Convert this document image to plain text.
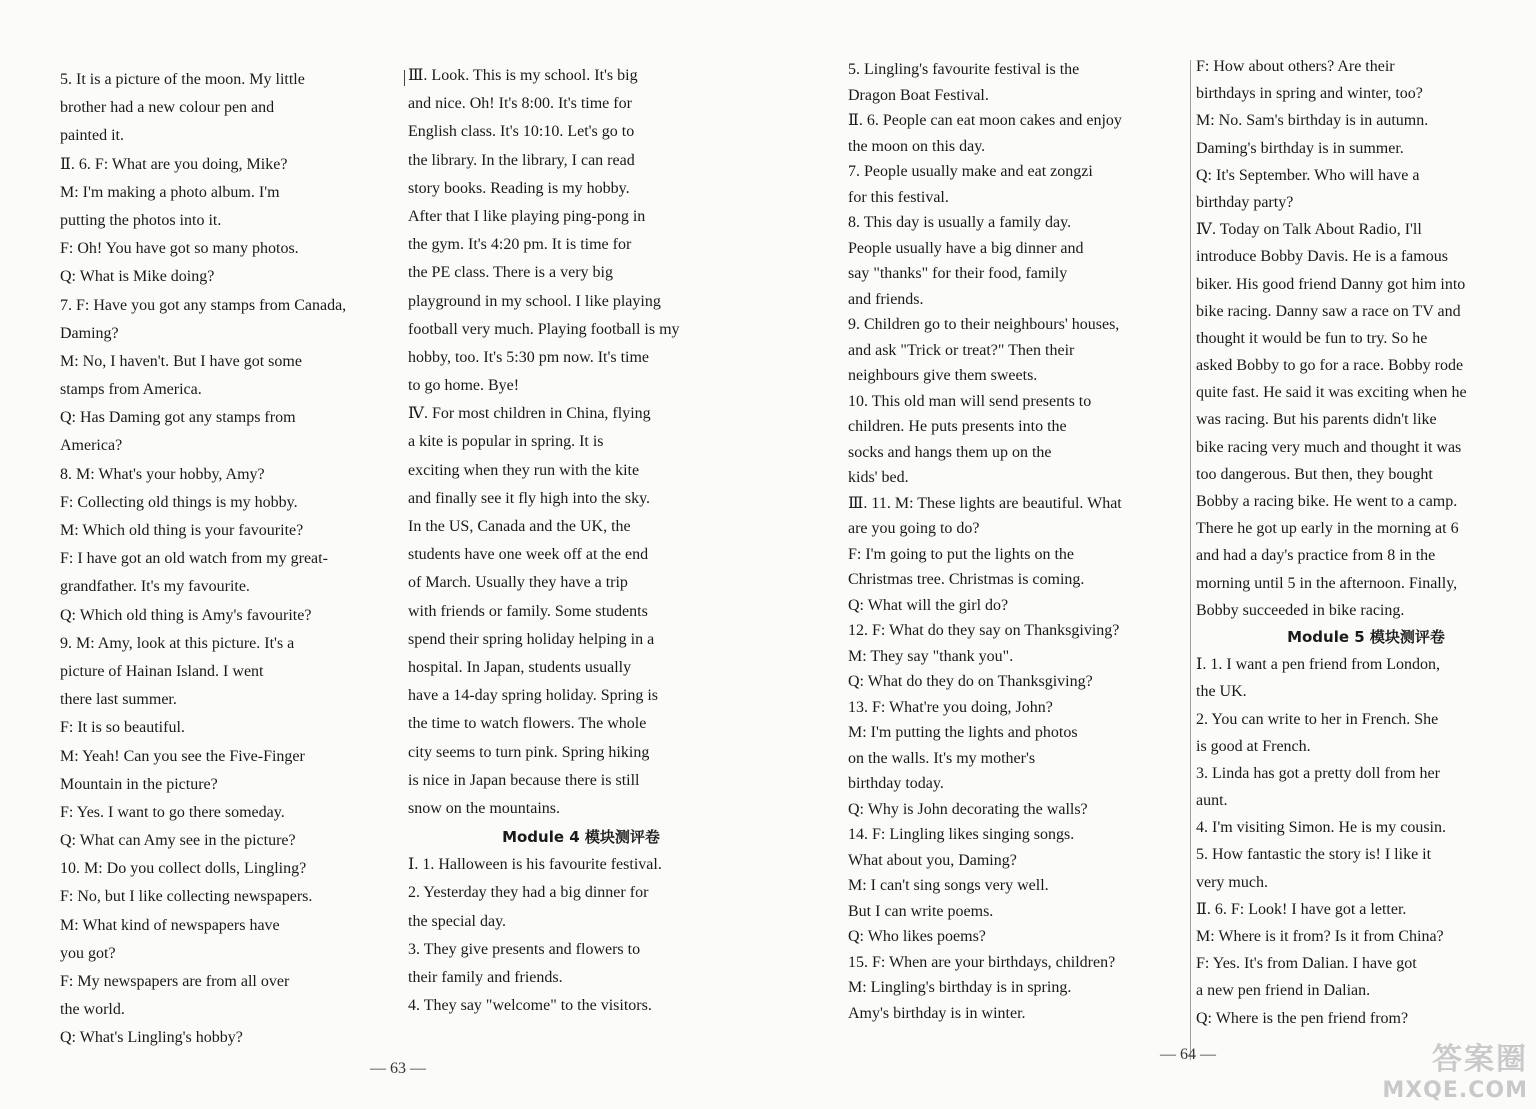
5. It is a picture of the moon. My little
brother had a new colour pen and
painted it.
Ⅱ. 6. F: What are you doing, Mike?
M: I'm making a photo album. I'm
putting the photos into it.
F: Oh! You have got so many photos.
Q: What is Mike doing?
7. F: Have you got any stamps from Canada,
Daming?
M: No, I haven't. But I have got some
stamps from America.
Q: Has Daming got any stamps from
America?
8. M: What's your hobby, Amy?
F: Collecting old things is my hobby.
M: Which old thing is your favourite?
F: I have got an old watch from my great-
grandfather. It's my favourite.
Q: Which old thing is Amy's favourite?
9. M: Amy, look at this picture. It's a
picture of Hainan Island. I went
there last summer.
F: It is so beautiful.
M: Yeah! Can you see the Five-Finger
Mountain in the picture?
F: Yes. I want to go there someday.
Q: What can Amy see in the picture?
10. M: Do you collect dolls, Lingling?
F: No, but I like collecting newspapers.
M: What kind of newspapers have
you got?
F: My newspapers are from all over
the world.
Q: What's Lingling's hobby?
Ⅲ. Look. This is my school. It's big
and nice. Oh! It's 8:00. It's time for
English class. It's 10:10. Let's go to
the library. In the library, I can read
story books. Reading is my hobby.
After that I like playing ping-pong in
the gym. It's 4:20 pm. It is time for
the PE class. There is a very big
playground in my school. I like playing
football very much. Playing football is my
hobby, too. It's 5:30 pm now. It's time
to go home. Bye!
Ⅳ. For most children in China, flying
a kite is popular in spring. It is
exciting when they run with the kite
and finally see it fly high into the sky.
In the US, Canada and the UK, the
students have one week off at the end
of March. Usually they have a trip
with friends or family. Some students
spend their spring holiday helping in a
hospital. In Japan, students usually
have a 14-day spring holiday. Spring is
the time to watch flowers. The whole
city seems to turn pink. Spring hiking
is nice in Japan because there is still
snow on the mountains.
Module 4 模块测评卷
Ⅰ. 1. Halloween is his favourite festival.
2. Yesterday they had a big dinner for
the special day.
3. They give presents and flowers to
their family and friends.
4. They say "welcome" to the visitors.
— 63 —
5. Lingling's favourite festival is the
Dragon Boat Festival.
Ⅱ. 6. People can eat moon cakes and enjoy
the moon on this day.
7. People usually make and eat zongzi
for this festival.
8. This day is usually a family day.
People usually have a big dinner and
say "thanks" for their food, family
and friends.
9. Children go to their neighbours' houses,
and ask "Trick or treat?" Then their
neighbours give them sweets.
10. This old man will send presents to
children. He puts presents into the
socks and hangs them up on the
kids' bed.
Ⅲ. 11. M: These lights are beautiful. What
are you going to do?
F: I'm going to put the lights on the
Christmas tree. Christmas is coming.
Q: What will the girl do?
12. F: What do they say on Thanksgiving?
M: They say "thank you".
Q: What do they do on Thanksgiving?
13. F: What're you doing, John?
M: I'm putting the lights and photos
on the walls. It's my mother's
birthday today.
Q: Why is John decorating the walls?
14. F: Lingling likes singing songs.
What about you, Daming?
M: I can't sing songs very well.
But I can write poems.
Q: Who likes poems?
15. F: When are your birthdays, children?
M: Lingling's birthday is in spring.
Amy's birthday is in winter.
F: How about others? Are their
birthdays in spring and winter, too?
M: No. Sam's birthday is in autumn.
Daming's birthday is in summer.
Q: It's September. Who will have a
birthday party?
Ⅳ. Today on Talk About Radio, I'll
introduce Bobby Davis. He is a famous
biker. His good friend Danny got him into
bike racing. Danny saw a race on TV and
thought it would be fun to try. So he
asked Bobby to go for a race. Bobby rode
quite fast. He said it was exciting when he
was racing. But his parents didn't like
bike racing very much and thought it was
too dangerous. But then, they bought
Bobby a racing bike. He went to a camp.
There he got up early in the morning at 6
and had a day's practice from 8 in the
morning until 5 in the afternoon. Finally,
Bobby succeeded in bike racing.
Module 5 模块测评卷
Ⅰ. 1. I want a pen friend from London,
the UK.
2. You can write to her in French. She
is good at French.
3. Linda has got a pretty doll from her
aunt.
4. I'm visiting Simon. He is my cousin.
5. How fantastic the story is! I like it
very much.
Ⅱ. 6. F: Look! I have got a letter.
M: Where is it from? Is it from China?
F: Yes. It's from Dalian. I have got
a new pen friend in Dalian.
Q: Where is the pen friend from?
— 64 —	答案圈
MXQE.COM
